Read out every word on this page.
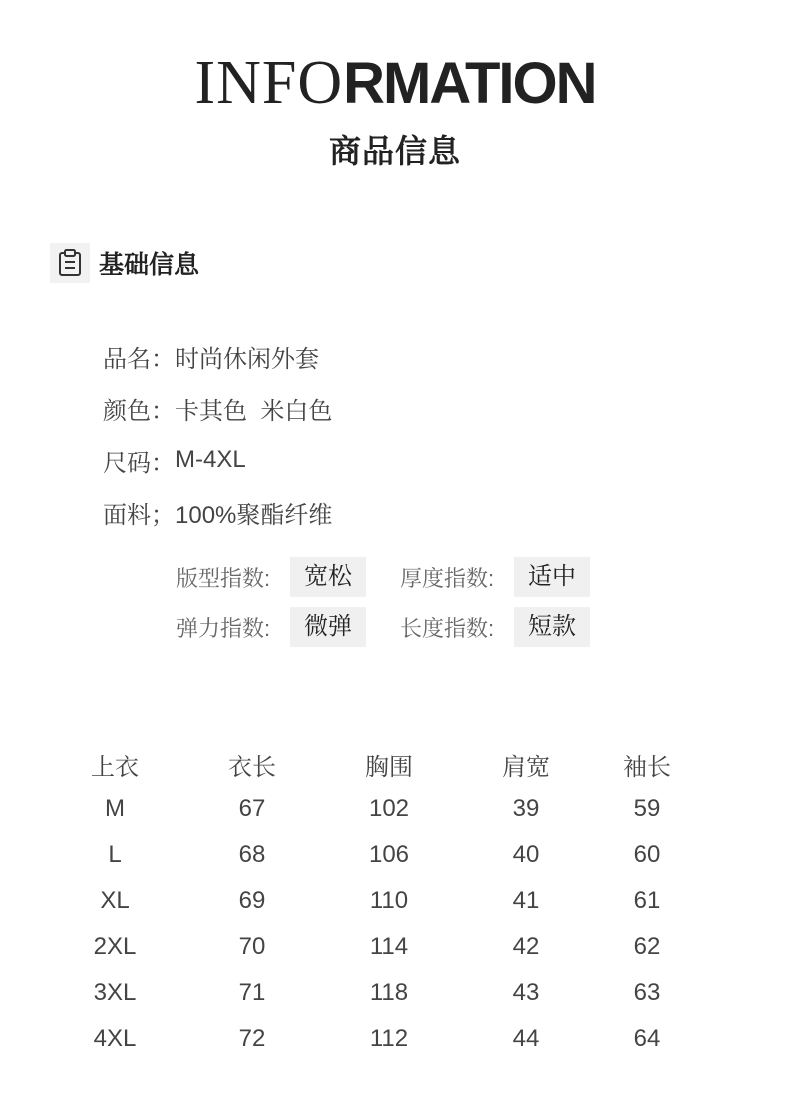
INFORMATION
商品信息
基础信息
品名： 时尚休闲外套
颜色： 卡其色  米白色
尺码： M-4XL
面料； 100%聚酯纤维
版型指数:	宽松	厚度指数:	适中
弹力指数:	微弹	长度指数:	短款
上衣	衣长	胸围	肩宽	袖长
M	67	102	39	59
L	68	106	40	60
XL	69	110	41	61
2XL	70	114	42	62
3XL	71	118	43	63
4XL	72	112	44	64
